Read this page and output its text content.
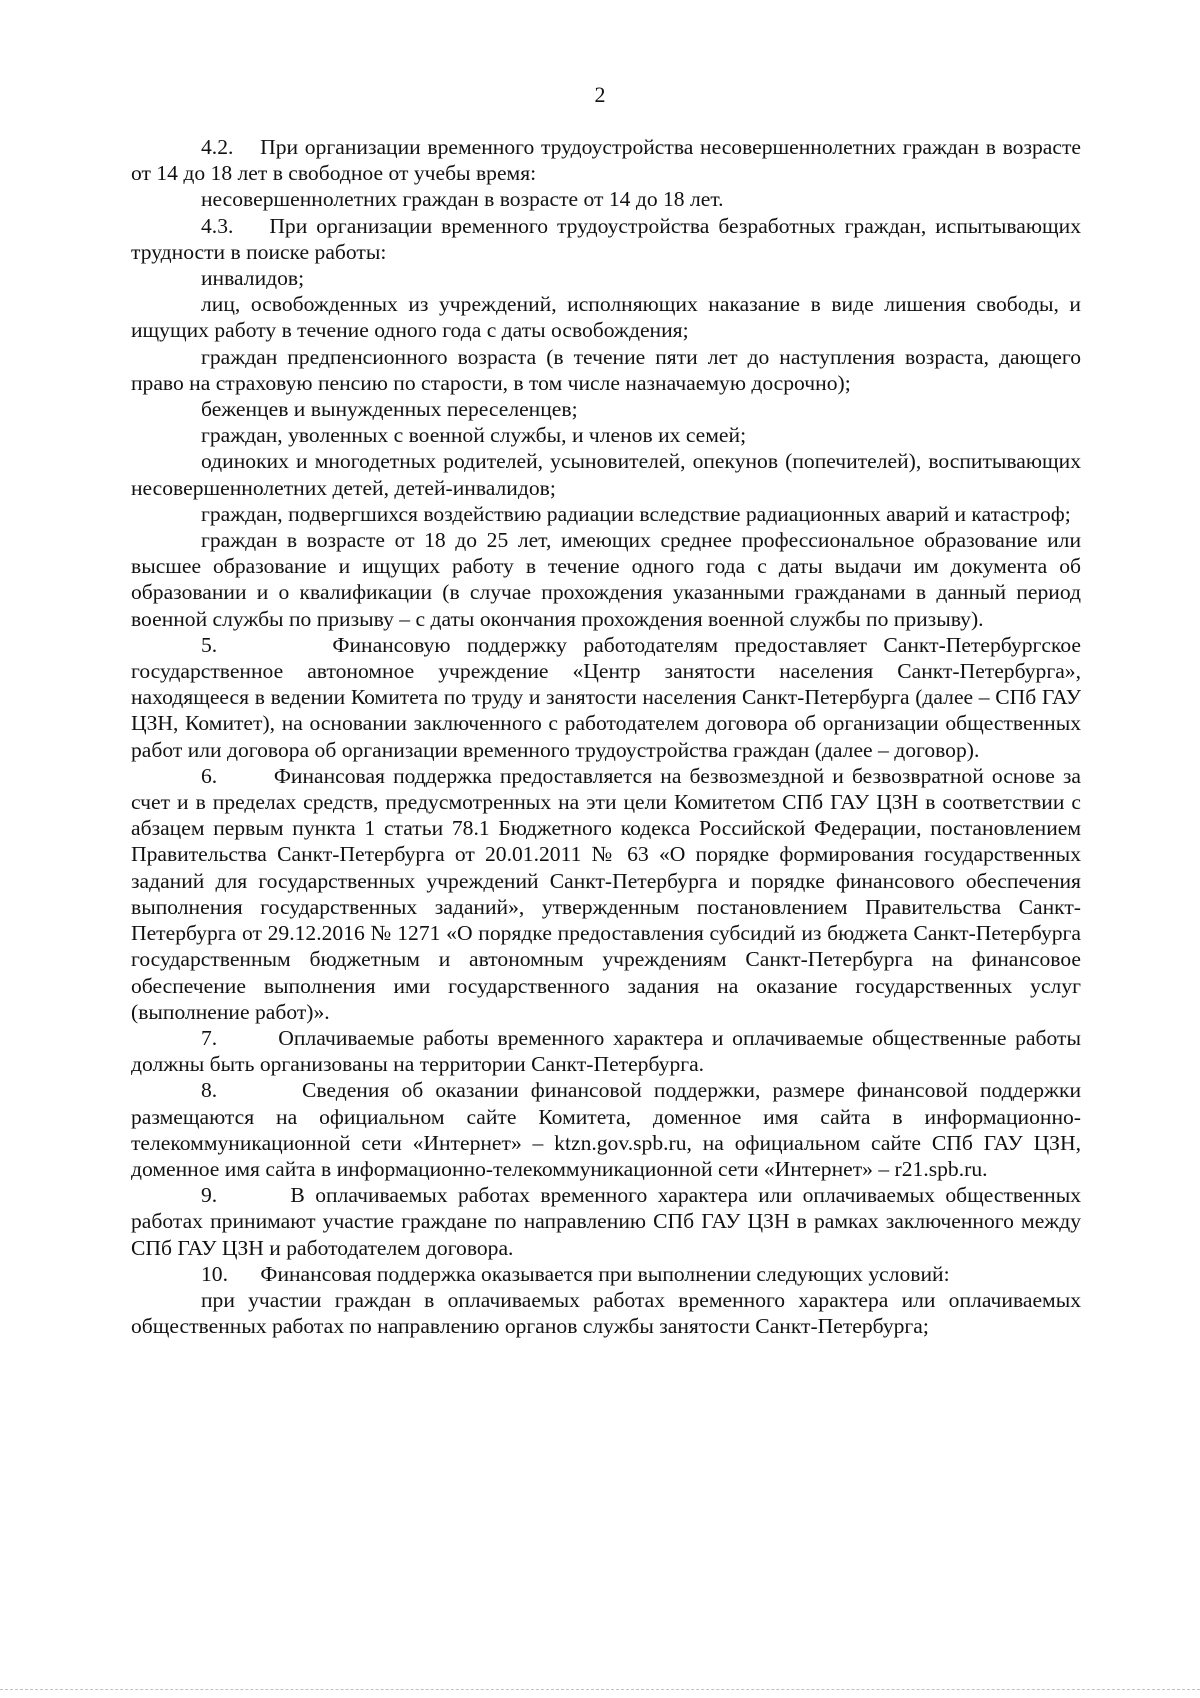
2

4.2.    При организации временного трудоустройства несовершеннолетних граждан в возрасте от 14 до 18 лет в свободное от учебы время:

несовершеннолетних граждан в возрасте от 14 до 18 лет.

4.3.    При организации временного трудоустройства безработных граждан, испытывающих трудности в поиске работы:

инвалидов;

лиц, освобожденных из учреждений, исполняющих наказание в виде лишения свободы, и ищущих работу в течение одного года с даты освобождения;

граждан предпенсионного возраста (в течение пяти лет до наступления возраста, дающего право на страховую пенсию по старости, в том числе назначаемую досрочно);

беженцев и вынужденных переселенцев;

граждан, уволенных с военной службы, и членов их семей;

одиноких и многодетных родителей, усыновителей, опекунов (попечителей), воспитывающих несовершеннолетних детей, детей-инвалидов;

граждан, подвергшихся воздействию радиации вследствие радиационных аварий и катастроф;

граждан в возрасте от 18 до 25 лет, имеющих среднее профессиональное образование или высшее образование и ищущих работу в течение одного года с даты выдачи им документа об образовании и о квалификации (в случае прохождения указанными гражданами в данный период военной службы по призыву – с даты окончания прохождения военной службы по призыву).

5.       Финансовую поддержку работодателям предоставляет Санкт-Петербургское государственное автономное учреждение «Центр занятости населения Санкт-Петербурга», находящееся в ведении Комитета по труду и занятости населения Санкт-Петербурга (далее – СПб ГАУ ЦЗН, Комитет), на основании заключенного с работодателем договора об организации общественных работ или договора об организации временного трудоустройства граждан (далее – договор).

6.       Финансовая поддержка предоставляется на безвозмездной и безвозвратной основе за счет и в пределах средств, предусмотренных на эти цели Комитетом СПб ГАУ ЦЗН в соответствии с абзацем первым пункта 1 статьи 78.1 Бюджетного кодекса Российской Федерации, постановлением Правительства Санкт-Петербурга от 20.01.2011 № 63 «О порядке формирования государственных заданий для государственных учреждений Санкт-Петербурга и порядке финансового обеспечения выполнения государственных заданий», утвержденным постановлением Правительства Санкт-Петербурга от 29.12.2016 № 1271 «О порядке предоставления субсидий из бюджета Санкт-Петербурга государственным бюджетным и автономным учреждениям Санкт-Петербурга на финансовое обеспечение выполнения ими государственного задания на оказание государственных услуг (выполнение работ)».

7.       Оплачиваемые работы временного характера и оплачиваемые общественные работы должны быть организованы на территории Санкт-Петербурга.

8.       Сведения об оказании финансовой поддержки, размере финансовой поддержки размещаются на официальном сайте Комитета, доменное имя сайта в информационно-телекоммуникационной сети «Интернет» – ktzn.gov.spb.ru, на официальном сайте СПб ГАУ ЦЗН, доменное имя сайта в информационно-телекоммуникационной сети «Интернет» – r21.spb.ru.

9.       В оплачиваемых работах временного характера или оплачиваемых общественных работах принимают участие граждане по направлению СПб ГАУ ЦЗН в рамках заключенного между СПб ГАУ ЦЗН и работодателем договора.

10.      Финансовая поддержка оказывается при выполнении следующих условий:

при участии граждан в оплачиваемых работах временного характера или оплачиваемых общественных работах по направлению органов службы занятости Санкт-Петербурга;
